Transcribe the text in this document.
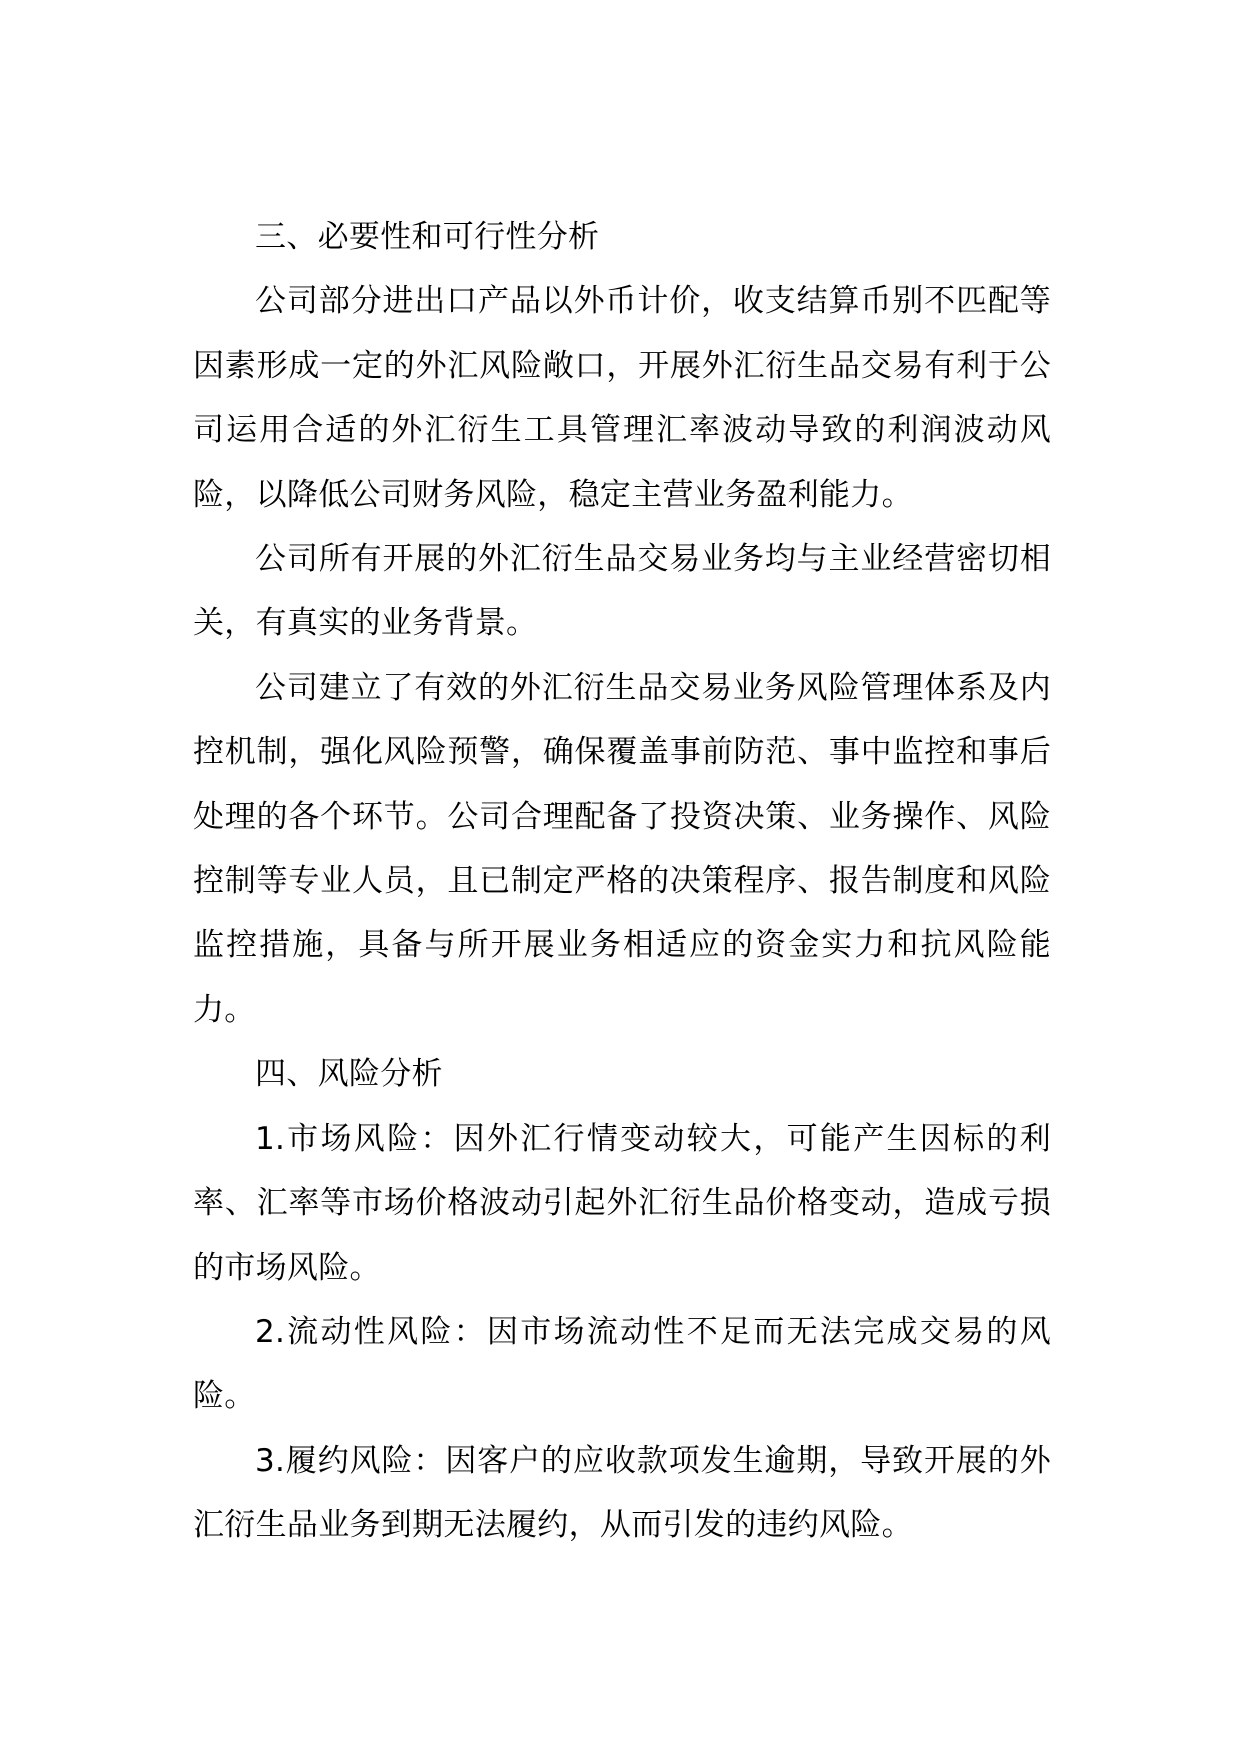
三、必要性和可行性分析

公司部分进出口产品以外币计价，收支结算币别不匹配等因素形成一定的外汇风险敞口，开展外汇衍生品交易有利于公司运用合适的外汇衍生工具管理汇率波动导致的利润波动风险，以降低公司财务风险，稳定主营业务盈利能力。

公司所有开展的外汇衍生品交易业务均与主业经营密切相关，有真实的业务背景。

公司建立了有效的外汇衍生品交易业务风险管理体系及内控机制，强化风险预警，确保覆盖事前防范、事中监控和事后处理的各个环节。公司合理配备了投资决策、业务操作、风险控制等专业人员，且已制定严格的决策程序、报告制度和风险监控措施，具备与所开展业务相适应的资金实力和抗风险能力。

四、风险分析

1.市场风险：因外汇行情变动较大，可能产生因标的利率、汇率等市场价格波动引起外汇衍生品价格变动，造成亏损的市场风险。

2.流动性风险：因市场流动性不足而无法完成交易的风险。

3.履约风险：因客户的应收款项发生逾期，导致开展的外汇衍生品业务到期无法履约，从而引发的违约风险。
